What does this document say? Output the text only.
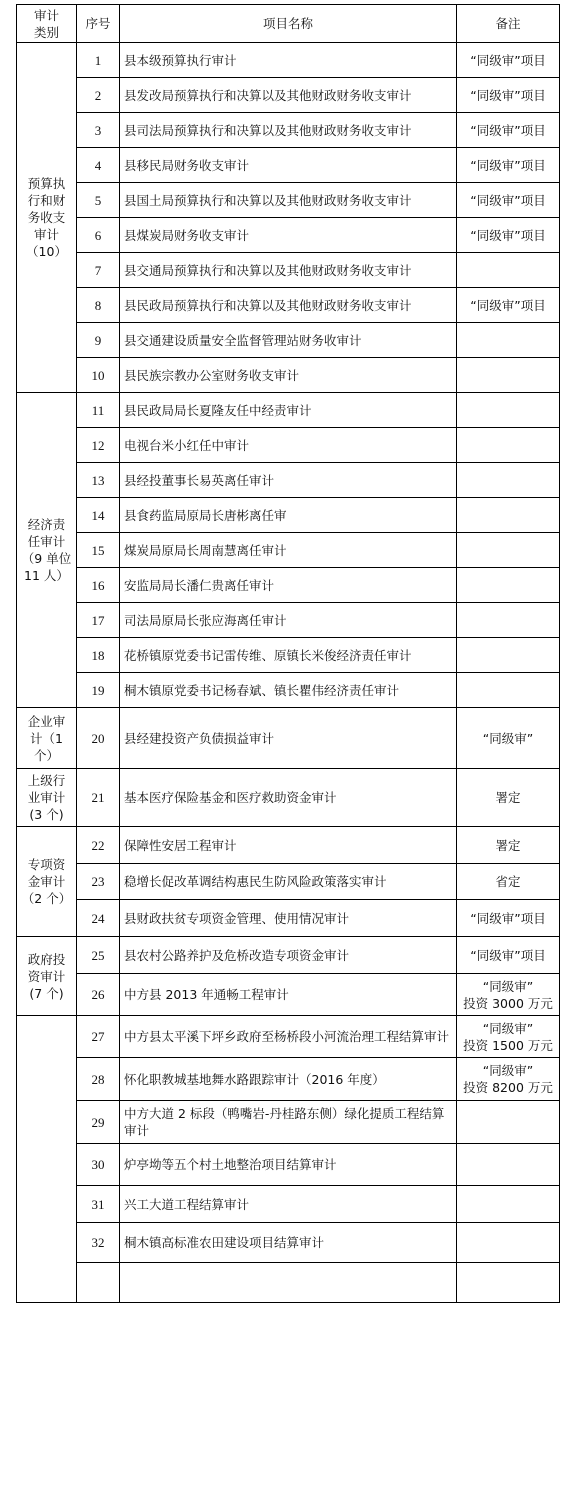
审计
类别	序号	项目名称	备注
预算执
行和财
务收支
审计
（10）	1	县本级预算执行审计	“同级审”项目
	2	县发改局预算执行和决算以及其他财政财务收支审计	“同级审”项目
	3	县司法局预算执行和决算以及其他财政财务收支审计	“同级审”项目
	4	县移民局财务收支审计	“同级审”项目
	5	县国土局预算执行和决算以及其他财政财务收支审计	“同级审”项目
	6	县煤炭局财务收支审计	“同级审”项目
	7	县交通局预算执行和决算以及其他财政财务收支审计	
	8	县民政局预算执行和决算以及其他财政财务收支审计	“同级审”项目
	9	县交通建设质量安全监督管理站财务收审计	
	10	县民族宗教办公室财务收支审计	
经济责
任审计
（9 单位
11 人）	11	县民政局局长夏隆友任中经责审计	
	12	电视台米小红任中审计	
	13	县经投董事长易英离任审计	
	14	县食药监局原局长唐彬离任审	
	15	煤炭局原局长周南慧离任审计	
	16	安监局局长潘仁贵离任审计	
	17	司法局原局长张应海离任审计	
	18	花桥镇原党委书记雷传维、原镇长米俊经济责任审计	
	19	桐木镇原党委书记杨春斌、镇长瞿伟经济责任审计	
企业审
计（1
个）	20	县经建投资产负债损益审计	“同级审”
上级行
业审计
(3 个)	21	基本医疗保险基金和医疗救助资金审计	署定
专项资
金审计
（2 个）	22	保障性安居工程审计	署定
	23	稳增长促改革调结构惠民生防风险政策落实审计	省定
	24	县财政扶贫专项资金管理、使用情况审计	“同级审”项目
政府投
资审计
(7 个)	25	县农村公路养护及危桥改造专项资金审计	“同级审”项目
	26	中方县 2013 年通畅工程审计	“同级审”
投资 3000 万元
	27	中方县太平溪下坪乡政府至杨桥段小河流治理工程结算审计	“同级审”
投资 1500 万元
	28	怀化职教城基地舞水路跟踪审计（2016 年度）	“同级审”
投资 8200 万元
	29	中方大道 2 标段（鸭嘴岩-丹桂路东侧）绿化提质工程结算审计	
	30	炉亭坳等五个村土地整治项目结算审计	
	31	兴工大道工程结算审计	
	32	桐木镇高标准农田建设项目结算审计	
